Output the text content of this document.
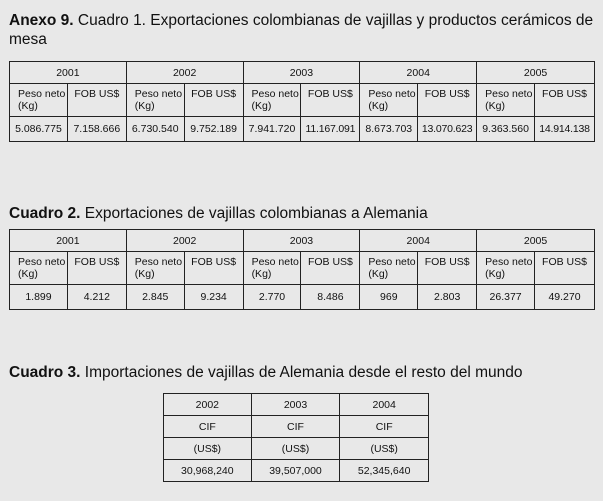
Anexo 9. Cuadro 1. Exportaciones colombianas de vajillas y productos cerámicos de mesa

2001		2002		2003		2004		2005	
Peso neto (Kg)	FOB US$	Peso neto (Kg)	FOB US$	Peso neto (Kg)	FOB US$	Peso neto (Kg)	FOB US$	Peso neto (Kg)	FOB US$
5.086.775	7.158.666	6.730.540	9.752.189	7.941.720	11.167.091	8.673.703	13.070.623	9.363.560	14.914.138

Cuadro 2. Exportaciones de vajillas colombianas a Alemania

2001		2002		2003		2004		2005	
Peso neto (Kg)	FOB US$	Peso neto (Kg)	FOB US$	Peso neto (Kg)	FOB US$	Peso neto (Kg)	FOB US$	Peso neto (Kg)	FOB US$
1.899	4.212	2.845	9.234	2.770	8.486	969	2.803	26.377	49.270

Cuadro 3. Importaciones de vajillas de Alemania desde el resto del mundo

2002	2003	2004
CIF	CIF	CIF
(US$)	(US$)	(US$)
30,968,240	39,507,000	52,345,640
